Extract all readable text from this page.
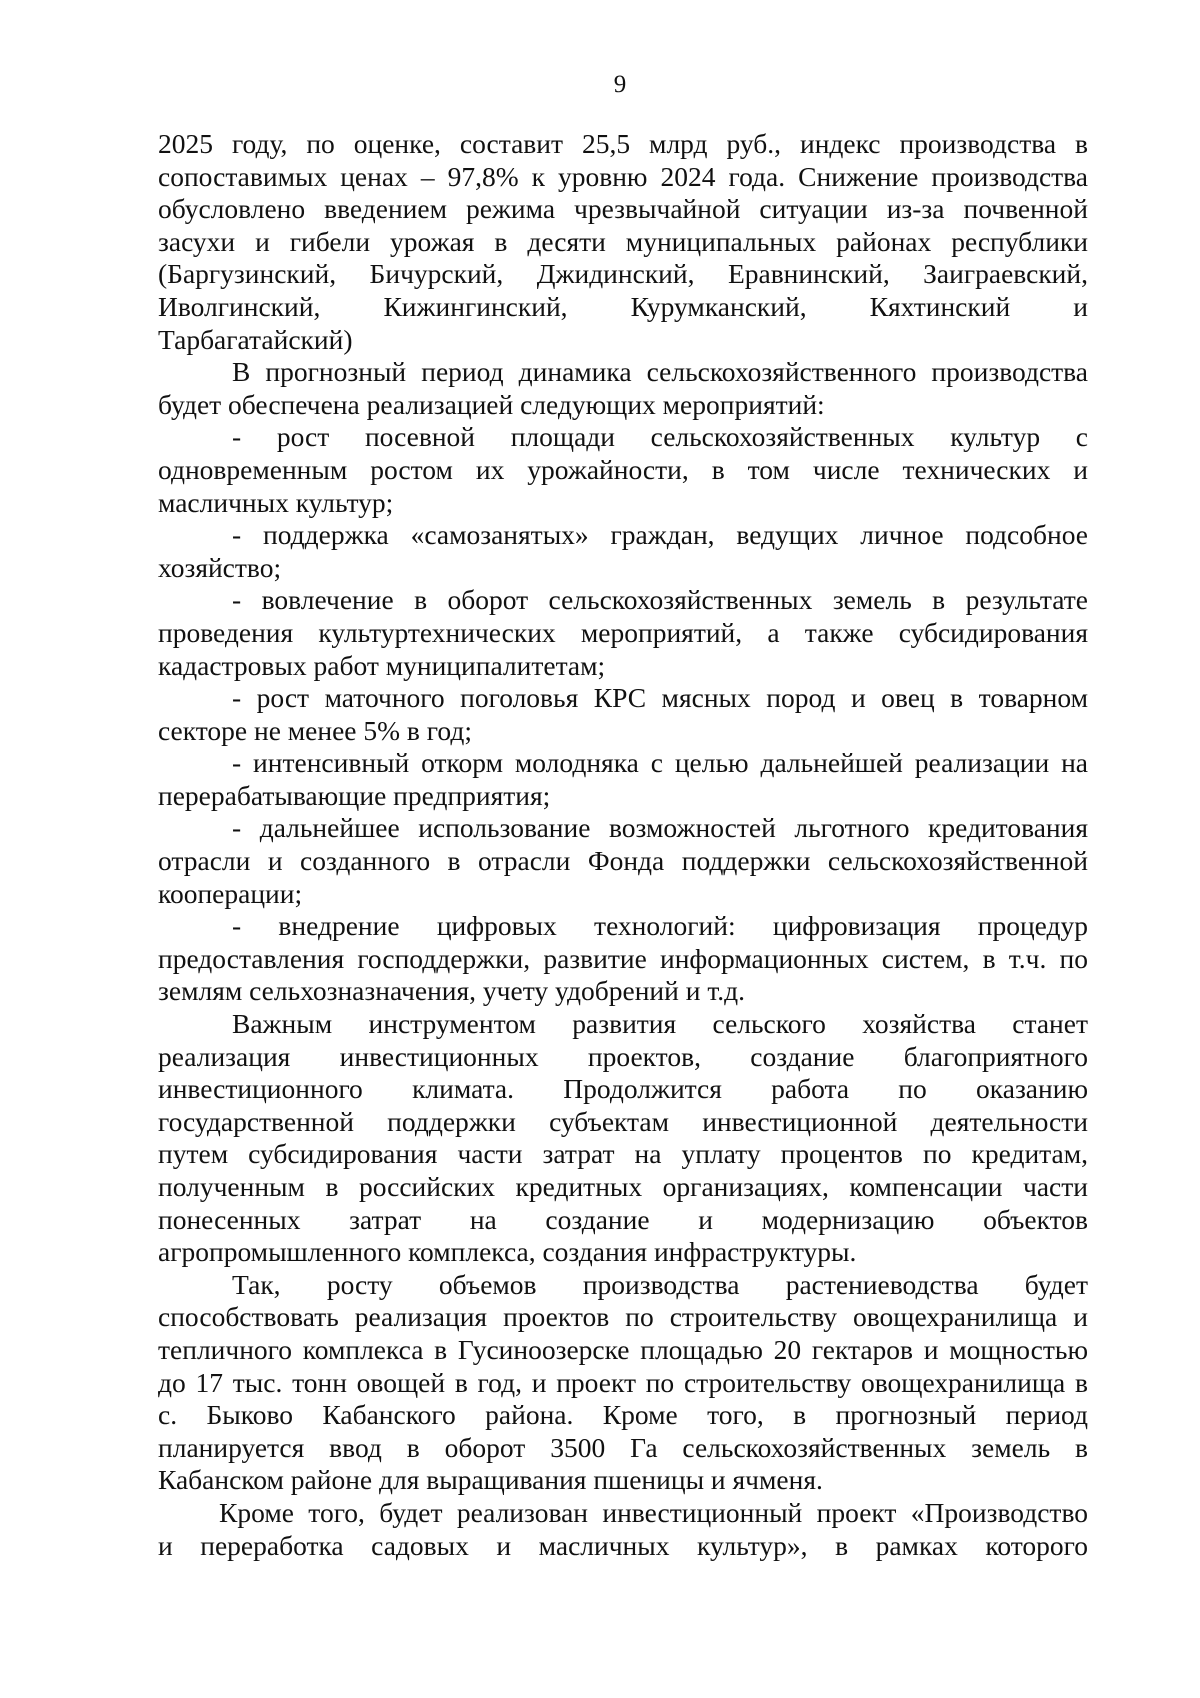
9

2025 году, по оценке, составит 25,5 млрд руб., индекс производства в

сопоставимых ценах – 97,8% к уровню 2024 года. Снижение производства

обусловлено введением режима чрезвычайной ситуации из-за почвенной

засухи и гибели урожая в десяти муниципальных районах республики

(Баргузинский, Бичурский, Джидинский, Еравнинский, Заиграевский,

Иволгинский, Кижингинский, Курумканский, Кяхтинский и

Тарбагатайский)

В прогнозный период динамика сельскохозяйственного производства

будет обеспечена реализацией следующих мероприятий:

- рост посевной площади сельскохозяйственных культур с

одновременным ростом их урожайности, в том числе технических и

масличных культур;

- поддержка «самозанятых» граждан, ведущих личное подсобное

хозяйство;

- вовлечение в оборот сельскохозяйственных земель в результате

проведения культуртехнических мероприятий, а также субсидирования

кадастровых работ муниципалитетам;

- рост маточного поголовья КРС мясных пород и овец в товарном

секторе не менее 5% в год;

- интенсивный откорм молодняка с целью дальнейшей реализации на

перерабатывающие предприятия;

- дальнейшее использование возможностей льготного кредитования

отрасли и созданного в отрасли Фонда поддержки сельскохозяйственной

кооперации;

- внедрение цифровых технологий: цифровизация процедур

предоставления господдержки, развитие информационных систем, в т.ч. по

землям сельхозназначения, учету удобрений и т.д.

Важным инструментом развития сельского хозяйства станет

реализация инвестиционных проектов, создание благоприятного

инвестиционного климата. Продолжится работа по оказанию

государственной поддержки субъектам инвестиционной деятельности

путем субсидирования части затрат на уплату процентов по кредитам,

полученным в российских кредитных организациях, компенсации части

понесенных затрат на создание и модернизацию объектов

агропромышленного комплекса, создания инфраструктуры.

Так, росту объемов производства растениеводства будет

способствовать реализация проектов по строительству овощехранилища и

тепличного комплекса в Гусиноозерске площадью 20 гектаров и мощностью

до 17 тыс. тонн овощей в год, и проект по строительству овощехранилища в

с. Быково Кабанского района. Кроме того, в прогнозный период

планируется ввод в оборот 3500 Га сельскохозяйственных земель в

Кабанском районе для выращивания пшеницы и ячменя.

Кроме того, будет реализован инвестиционный проект «Производство

и переработка садовых и масличных культур», в рамках которого
